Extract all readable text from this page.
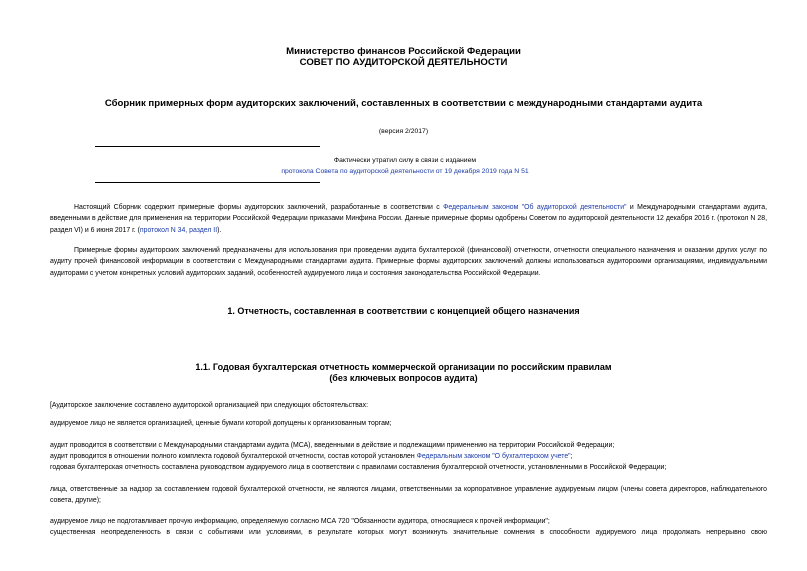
Министерство финансов Российской Федерации
СОВЕТ ПО АУДИТОРСКОЙ ДЕЯТЕЛЬНОСТИ
Сборник примерных форм аудиторских заключений, составленных в соответствии с международными стандартами аудита
(версия 2/2017)
Фактически утратил силу в связи с изданием
протокола Совета по аудиторской деятельности от 19 декабря 2019 года N 51
Настоящий Сборник содержит примерные формы аудиторских заключений, разработанные в соответствии с Федеральным законом "Об аудиторской деятельности" и Международными стандартами аудита, введенными в действие для применения на территории Российской Федерации приказами Минфина России. Данные примерные формы одобрены Советом по аудиторской деятельности 12 декабря 2016 г. (протокол N 28, раздел VI) и 6 июня 2017 г. (протокол N 34, раздел II).
Примерные формы аудиторских заключений предназначены для использования при проведении аудита бухгалтерской (финансовой) отчетности, отчетности специального назначения и оказании других услуг по аудиту прочей финансовой информации в соответствии с Международными стандартами аудита. Примерные формы аудиторских заключений должны использоваться аудиторскими организациями, индивидуальными аудиторами с учетом конкретных условий аудиторских заданий, особенностей аудируемого лица и состояния законодательства Российской Федерации.
1. Отчетность, составленная в соответствии с концепцией общего назначения
1.1. Годовая бухгалтерская отчетность коммерческой организации по российским правилам
(без ключевых вопросов аудита)
[Аудиторское заключение составлено аудиторской организацией при следующих обстоятельствах:
аудируемое лицо не является организацией, ценные бумаги которой допущены к организованным торгам;
аудит проводится в соответствии с Международными стандартами аудита (МСА), введенными в действие и подлежащими применению на территории Российской Федерации;
аудит проводится в отношении полного комплекта годовой бухгалтерской отчетности, состав которой установлен Федеральным законом "О бухгалтерском учете";
годовая бухгалтерская отчетность составлена руководством аудируемого лица в соответствии с правилами составления бухгалтерской отчетности, установленными в Российской Федерации;
лица, ответственные за надзор за составлением годовой бухгалтерской отчетности, не являются лицами, ответственными за корпоративное управление аудируемым лицом (члены совета директоров, наблюдательного совета, другие);
аудируемое лицо не подготавливает прочую информацию, определяемую согласно МСА 720 "Обязанности аудитора, относящиеся к прочей информации";
существенная неопределенность в связи с событиями или условиями, в результате которых могут возникнуть значительные сомнения в способности аудируемого лица продолжать непрерывно свою
